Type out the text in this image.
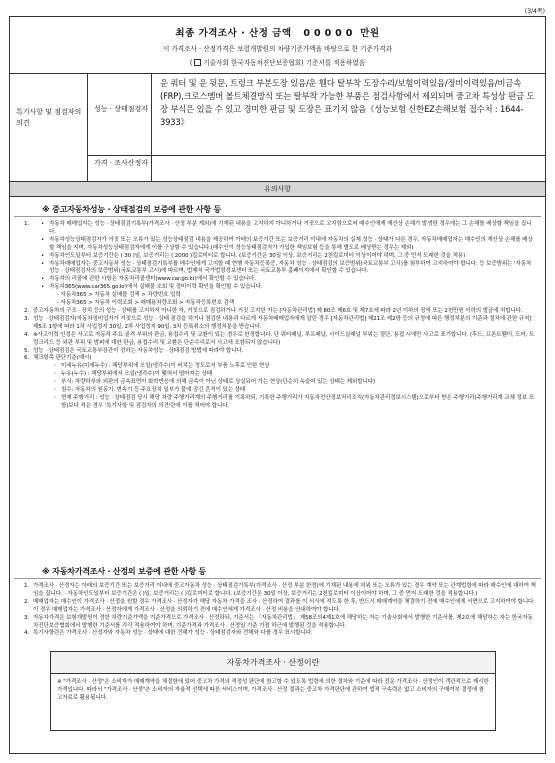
(3/4쪽)
최종 가격조사 · 산정 금액 00000 만원
이 가격조사 · 산정가격은 보험개발원의 차량기준가액을 바탕으로 한 기준가격과
( 기술사회 한국자동차진단보증협회) 기준서를 적용하였음
특기사항 및 점검자의 의견
성능 · 상태점검자
가격 · 조사산정자
운 쿼터 및 운 뒷문, 트렁크 부분도장 있음/운 휀다 탈부착 도장수리/보험이력있음/정비이력있음/비금속(FRP),크로스멤버 볼트체결방식 또는 탈부착 가능한 부품은 점검사항에서 제외되며 중고차 특성상 판금 도장 부식은 있을 수 있고 경미한 판금 및 도장은 표기치 않음《성능보험 신한EZ손해보험 접수처 : 1644-3933》
유의사항
※ 중고자동차성능 · 상태점검의 보증에 관한 사항 등
1.
•	자동차 매매업자는 성능 · 상태점검기록부(가격조사 · 산정 부분 제외)에 기재된 내용을 고지하지 아니하거나 거짓으로 고지함으로써 매수인에게 재산상 손해가 발생한 경우에는 그 손해를 배상할 책임을 집니다.
• 자동차성능상태점검자가 거짓 또는 오류가 있는 성능상태점검 내용을 제공하여 아래의 보증기간 또는 보증거리 이내에 자동차의 실제 성능 · 상태가 다른 경우, 자동차매매업자는 매수인의 재산상 손해를 배상할 책임을 지며, 자동차성능상태점검자에게 이를 구상할 수 있습니다.(매수인이 성능상태점검자가 가입한 책임보험 등을 통해 별도로 배상받는 경우는 제외)
• 자동차인도일부터 보증기간은 ( 30 )일, 보증거리는 ( 2000 )킬로미터로 합니다. (보증기간은 30일 이상, 보증거리는 2천킬로미터 이상이어야 하며, 그 중 먼저 도래한 것을 적용)
• 자동차매매업자는 중고자동차 성능 · 상태점검기록부를 매수인에게 고지할 때 현행 자동차등록증, 자동차 성능 · 상태점검의 보증범위(국토교통부 고시)를 첨부하여 고지하여야 합니다. 등 보증범위는 '자동차성능 · 상태점검자의 보증범위(국토교통부 고시)에 따르며, 법제처 국가법령정보센터 또는 국토교통부 홈페이지에서 확인할 수 있습니다.
• 자동차의 리콜에 관한 사항은 자동차리콜센터(www.car.go.kr)에서 확인할 수 있습니다.
• 자동차365(www.car365.go.kr)에서 실매물 조회 및 정비이력 확인을 확인할 수 있습니다.
- 자동차365 > 자동차 실매물 검색 > 차량번호 입력
- 자동차365 > 자동차 이력조회 > 매매용차량조회 > 자동차등록번호 검색
2. 중고자동차의 구조 · 장치 등의 성능 · 상태를 고지하지 아니한 자, 거짓으로 점검하거나 거짓 고지한 자는 [자동차관리법] 제 80조 제6호 및 제7호에 따라 2년 이하의 징역 또는 2천만원 이하의 벌금에 처합니다.
3. 성능 · 상태점검자(자동차정비업자가 거짓으로 성능 · 상태 점검을 하거나 점검한 내용과 다르게 자동차매매업자에게 알린 경우 [자동차관리법] 제21조 제2항 등의 규정에 따른 행정처분의 기준과 절차에 관한 규칙] 제5조 1항에 따라 1차 사업정지 30일, 2차 사업정지 90일, 3차 등록취소의 행정처분을 받습니다.
4. ※사고이력 인정은 사고로 자동차 주요 골격 부위의 판금, 용접수리 및 교환이 있는 경우로 한정합니다. 단 쿼터패널, 루프패널, 사이드실패널 부위는 절단, 용접 시에만 사고로 표기합니다. (후드, 프론트휀더, 도어, 트렁크리드 등 외판 부위 및 범퍼에 대한 판금, 용접수리 및 교환은 단순수리로서 사고에 포함되지 않습니다)
5. 성능 · 상태점검은 국토교통부장관이 정하는 자동차성능 · 상태점검 방법에 따라야 합니다.
6. 체크항목 판단기준(예시)
◦ 미세누유(미세누수) : 해당부위에 오일(냉각수)이 비치는 정도로서 부품 노후로 인한 현상
◦ 누유(누수) : 해당부위에서 오일(냉각수)이 맺혀서 떨어지는 상태
◦ 부식: 차량하부와 외판의 금속표면이 화학반응에 의해 금속이 아닌 상태로 상실되어 가는 현상(단순히 녹슬어 있는 상태는 제외합니다)
◦ 침수: 자동차의 원동기, 변속기 등 주요장치 일부가 물에 잠긴 흔적이 있는 상태
◦ 현재 주행거리 : 성능 · 상태점검 당시 해당 차량 주행거리계의 주행거리를 기록하되, 기록한 주행거리가 자동차전산정보처리조직(자동차관리정보시스템)으로부터 받은 주행거리(주행거리계 교체 정보 포함)보다 적은 경우 '특기사항 및 점검자의 의견'란에 이를 적어야 합니다.
※ 자동차가격조사 · 산정의 보증에 관한 사항 등
1. 가격조사 · 산정자는 아래의 보증기간 또는 보증거리 이내에 중고자동차 성능 · 상태점검기록부(가격조사 · 산정 부분 한정)에 기재된 내용에 허위 또는 오류가 있는 경우 계약 또는 관계법령에 따라 매수인에 대하여 책임을 집니다. · 자동차인도일부터 보증기간은 ( )일, 보증거리는 ( )킬로미터로 합니다. (보증기간은 30일 이상, 보증거리는 2천킬로미터 이상이어야 하며, 그 중 먼저 도래한 것을 적용합니다.)
2. 매매업자는 매수인이 가격조사 · 산정을 원할 경우 가격조사 · 산정자가 해당 자동차 가격을 조사 · 산정하여 결과를 이 서식에 적도록 한 후, 반드시 매매계약을 체결하기 전에 매수인에게 서면으로 고지하여야 합니다. 이 경우 매매업자는 가격조사 · 산정자에게 가격조사 · 산정을 의뢰하기 전에 매수인에게 가격조사 · 산정 비용을 안내하여야 합니다.
3. 자동차가격은 보험개발원이 정한 차량기준가액을 기준가격으로 가격조사 · 산정하되, 기준서는 「자동차관리법」 제58조의4제1호에 해당하는 자는 기술사회에서 발행한 기준서를, 제2호에 해당하는 자는 한국자동차진단보증협회에서 발행한 기준서를 각각 적용하여야 하며, 기준가격과 가격조사 · 산정일 기준 기점 하근에 발행된 것을 적용합니다.
4. 특기사항란은 가격조사 · 산정자와 자동차 성능 · 상태에 대한 견해가 성능 · 상태점검자와 견해와 다를 경우 표시합니다.
자동차가격조사 · 산정이란
※ "가격조사 · 산정"은 소비자가 매매계약을 체결함에 있어 중고차 가격의 적정성 판단에 참고할 수 있도록 법령에 의한 절차와 기준에 따라 전문 가격조사 · 산정인이 객관적으로 제시한 가격입니다. 따라서 "가격조사 · 산정"은 소비자의 자율적 선택에 따른 서비스이며, 가격조사 · 산정 결과는 중고차 가격판단에 관하여 법적 구속력은 없고 소비자의 구매여부 결정에 참고자료로 활용됩니다.
